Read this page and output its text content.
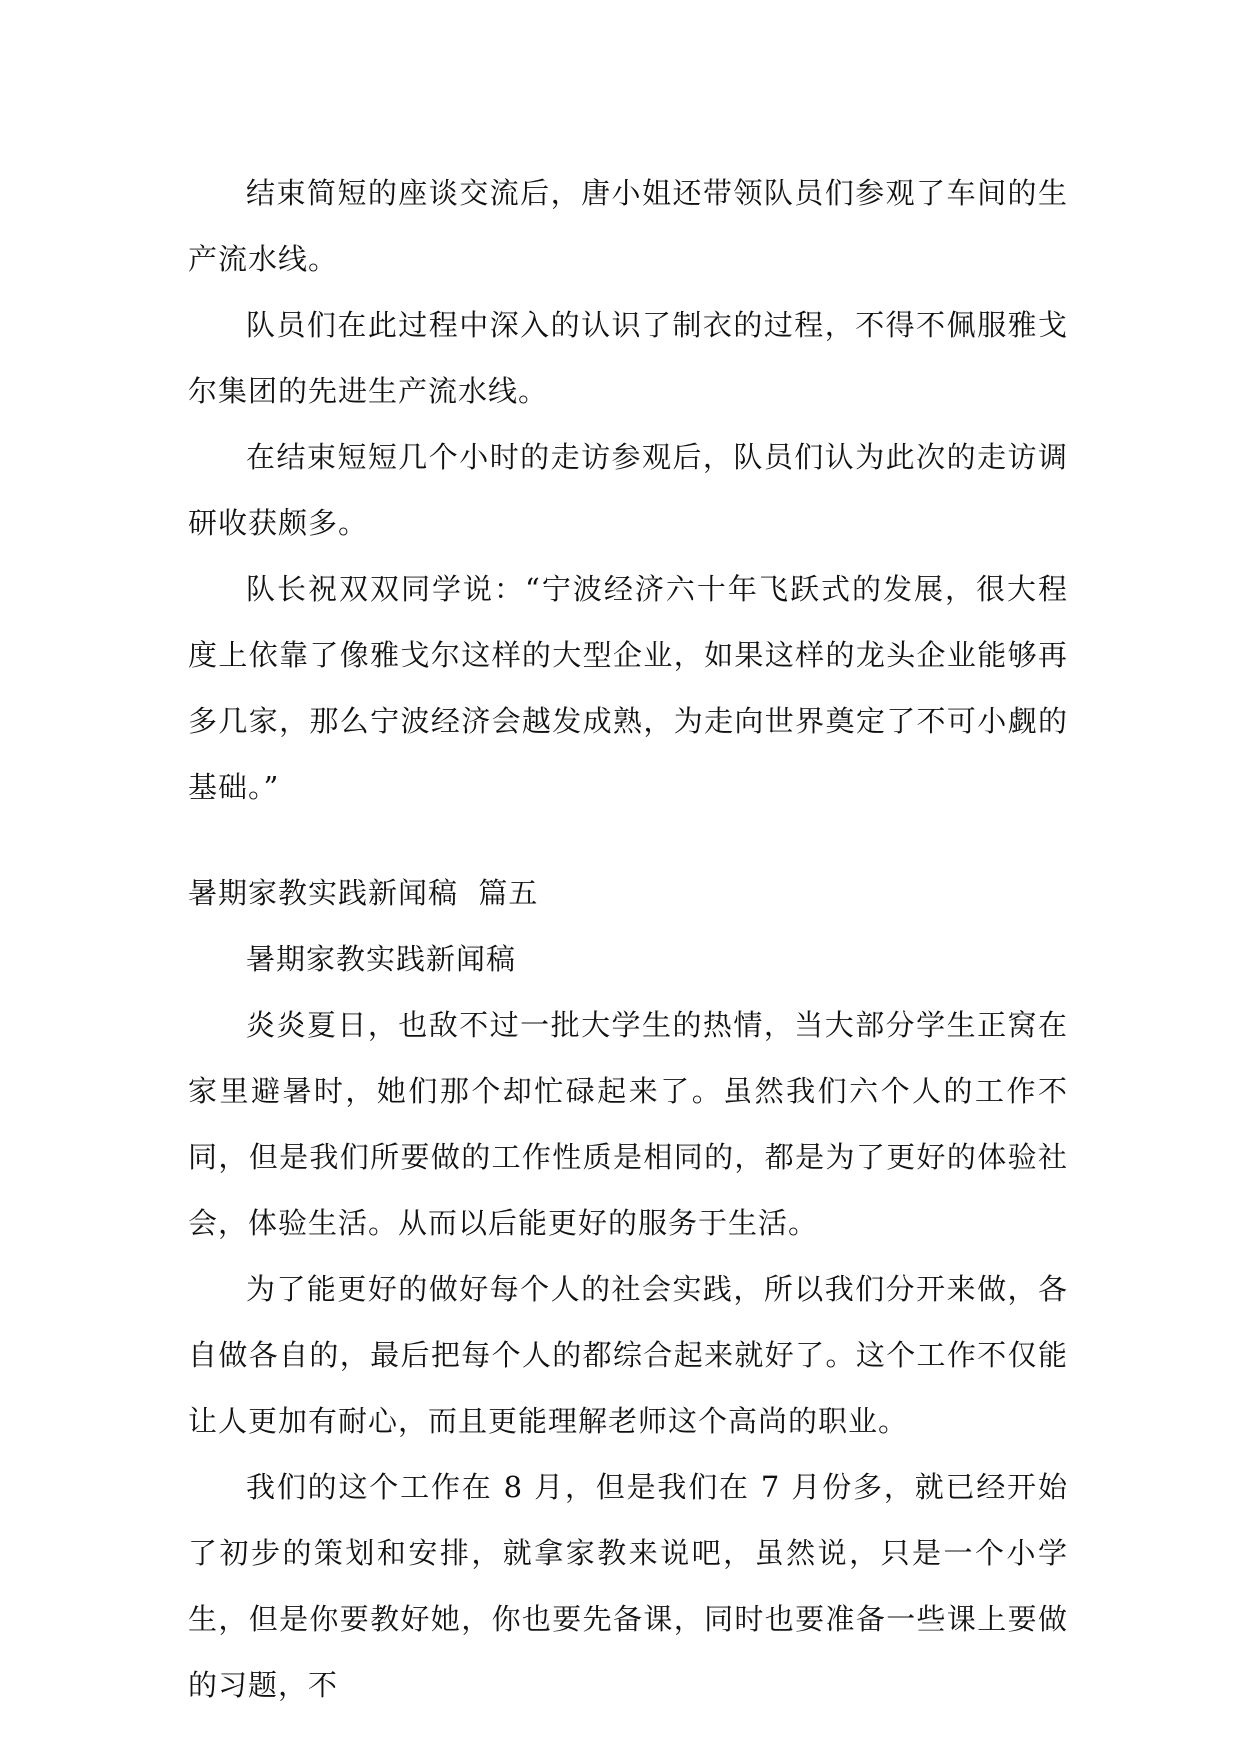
结束简短的座谈交流后，唐小姐还带领队员们参观了车间的生产流水线。

队员们在此过程中深入的认识了制衣的过程，不得不佩服雅戈尔集团的先进生产流水线。

在结束短短几个小时的走访参观后，队员们认为此次的走访调研收获颇多。

队长祝双双同学说：“宁波经济六十年飞跃式的发展，很大程度上依靠了像雅戈尔这样的大型企业，如果这样的龙头企业能够再多几家，那么宁波经济会越发成熟，为走向世界奠定了不可小觑的基础。”

暑期家教实践新闻稿  篇五

暑期家教实践新闻稿

炎炎夏日，也敌不过一批大学生的热情，当大部分学生正窝在家里避暑时，她们那个却忙碌起来了。虽然我们六个人的工作不同，但是我们所要做的工作性质是相同的，都是为了更好的体验社会，体验生活。从而以后能更好的服务于生活。

为了能更好的做好每个人的社会实践，所以我们分开来做，各自做各自的，最后把每个人的都综合起来就好了。这个工作不仅能让人更加有耐心，而且更能理解老师这个高尚的职业。

我们的这个工作在 8 月，但是我们在 7 月份多，就已经开始了初步的策划和安排，就拿家教来说吧，虽然说，只是一个小学生，但是你要教好她，你也要先备课，同时也要准备一些课上要做的习题，不
